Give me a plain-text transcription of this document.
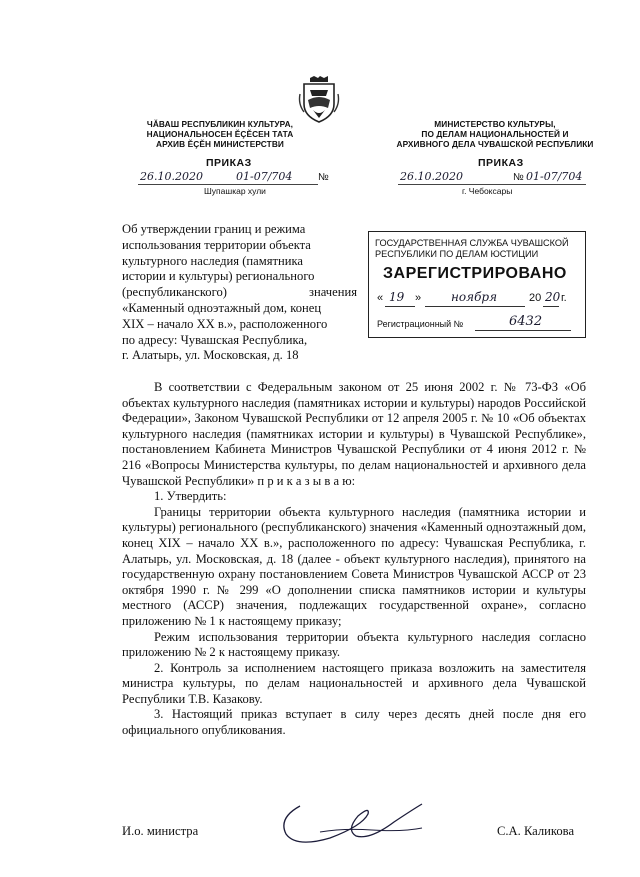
ЧĂВАШ РЕСПУБЛИКИН КУЛЬТУРА,
НАЦИОНАЛЬНОСЕН ĔÇĔСЕН ТАТА
АРХИВ ĔÇĔН МИНИСТЕРСТВИ
ПРИКАЗ
26.10.2020	01-07/704	№
Шупашкар хули
МИНИСТЕРСТВО КУЛЬТУРЫ,
ПО ДЕЛАМ НАЦИОНАЛЬНОСТЕЙ И
АРХИВНОГО ДЕЛА ЧУВАШСКОЙ РЕСПУБЛИКИ
ПРИКАЗ
26.10.2020	№ 01-07/704
г. Чебоксары
Об утверждении границ и режима
использования территории объекта
культурного наследия (памятника
истории и культуры) регионального
(республиканского)	значения
«Каменный одноэтажный дом, конец
XIX – начало XX в.», расположенного
по адресу: Чувашская Республика,
г. Алатырь, ул. Московская, д. 18
ГОСУДАРСТВЕННАЯ СЛУЖБА ЧУВАШСКОЙ
РЕСПУБЛИКИ ПО ДЕЛАМ ЮСТИЦИИ
ЗАРЕГИСТРИРОВАНО
« 19 » ноября	20 20 г.
Регистрационный №	6432

В соответствии с Федеральным законом от 25 июня 2002 г. № 73-ФЗ «Об объектах культурного наследия (памятниках истории и культуры) народов Российской Федерации», Законом Чувашской Республики от 12 апреля 2005 г. № 10 «Об объектах культурного наследия (памятниках истории и культуры) в Чувашской Республике», постановлением Кабинета Министров Чувашской Республики от 4 июня 2012 г. № 216 «Вопросы Министерства культуры, по делам национальностей и архивного дела Чувашской Республики» п р и к а з ы в а ю:

1. Утвердить:

Границы территории объекта культурного наследия (памятника истории и культуры) регионального (республиканского) значения «Каменный одноэтажный дом, конец XIX – начало XX в.», расположенного по адресу: Чувашская Республика, г. Алатырь, ул. Московская, д. 18 (далее - объект культурного наследия), принятого на государственную охрану постановлением Совета Министров Чувашской АССР от 23 октября 1990 г. № 299 «О дополнении списка памятников истории и культуры местного (АССР) значения, подлежащих государственной охране», согласно приложению № 1 к настоящему приказу;

Режим использования территории объекта культурного наследия согласно приложению № 2 к настоящему приказу.

2. Контроль за исполнением настоящего приказа возложить на заместителя министра культуры, по делам национальностей и архивного дела Чувашской Республики Т.В. Казакову.

3. Настоящий приказ вступает в силу через десять дней после дня его официального опубликования.

И.о. министра	С.А. Каликова
